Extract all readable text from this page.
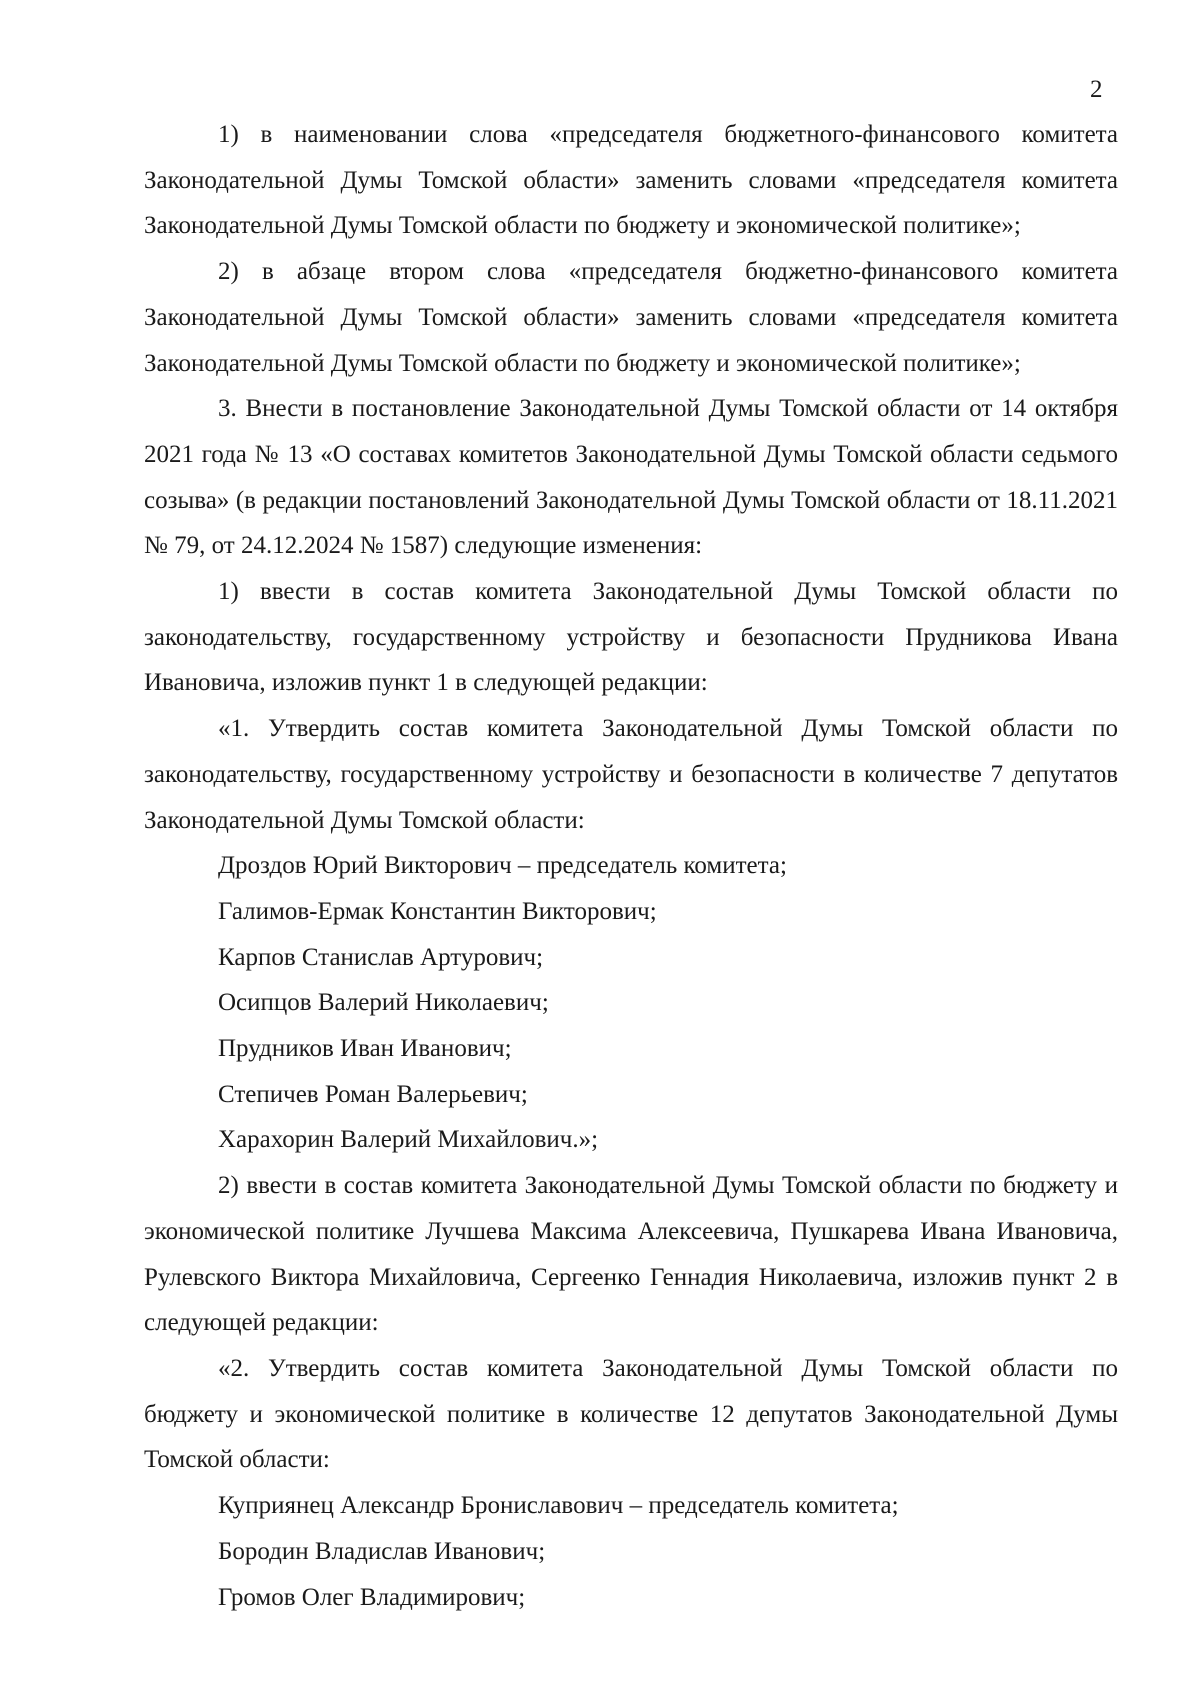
2

1) в наименовании слова «председателя бюджетного-финансового комитета Законодательной Думы Томской области» заменить словами «председателя комитета Законодательной Думы Томской области по бюджету и экономической политике»;

2) в абзаце втором слова «председателя бюджетно-финансового комитета Законодательной Думы Томской области» заменить словами «председателя комитета Законодательной Думы Томской области по бюджету и экономической политике»;

3. Внести в постановление Законодательной Думы Томской области от 14 октября 2021 года № 13 «О составах комитетов Законодательной Думы Томской области седьмого созыва» (в редакции постановлений Законодательной Думы Томской области от 18.11.2021 № 79, от 24.12.2024 № 1587) следующие изменения:

1) ввести в состав комитета Законодательной Думы Томской области по законодательству, государственному устройству и безопасности Прудникова Ивана Ивановича, изложив пункт 1 в следующей редакции:

«1. Утвердить состав комитета Законодательной Думы Томской области по законодательству, государственному устройству и безопасности в количестве 7 депутатов Законодательной Думы Томской области:

Дроздов Юрий Викторович – председатель комитета;

Галимов-Ермак Константин Викторович;

Карпов Станислав Артурович;

Осипцов Валерий Николаевич;

Прудников Иван Иванович;

Степичев Роман Валерьевич;

Харахорин Валерий Михайлович.»;

2) ввести в состав комитета Законодательной Думы Томской области по бюджету и экономической политике Лучшева Максима Алексеевича, Пушкарева Ивана Ивановича, Рулевского Виктора Михайловича, Сергеенко Геннадия Николаевича, изложив пункт 2 в следующей редакции:

«2. Утвердить состав комитета Законодательной Думы Томской области по бюджету и экономической политике в количестве 12 депутатов Законодательной Думы Томской области:

Куприянец Александр Брониславович – председатель комитета;

Бородин Владислав Иванович;

Громов Олег Владимирович;
